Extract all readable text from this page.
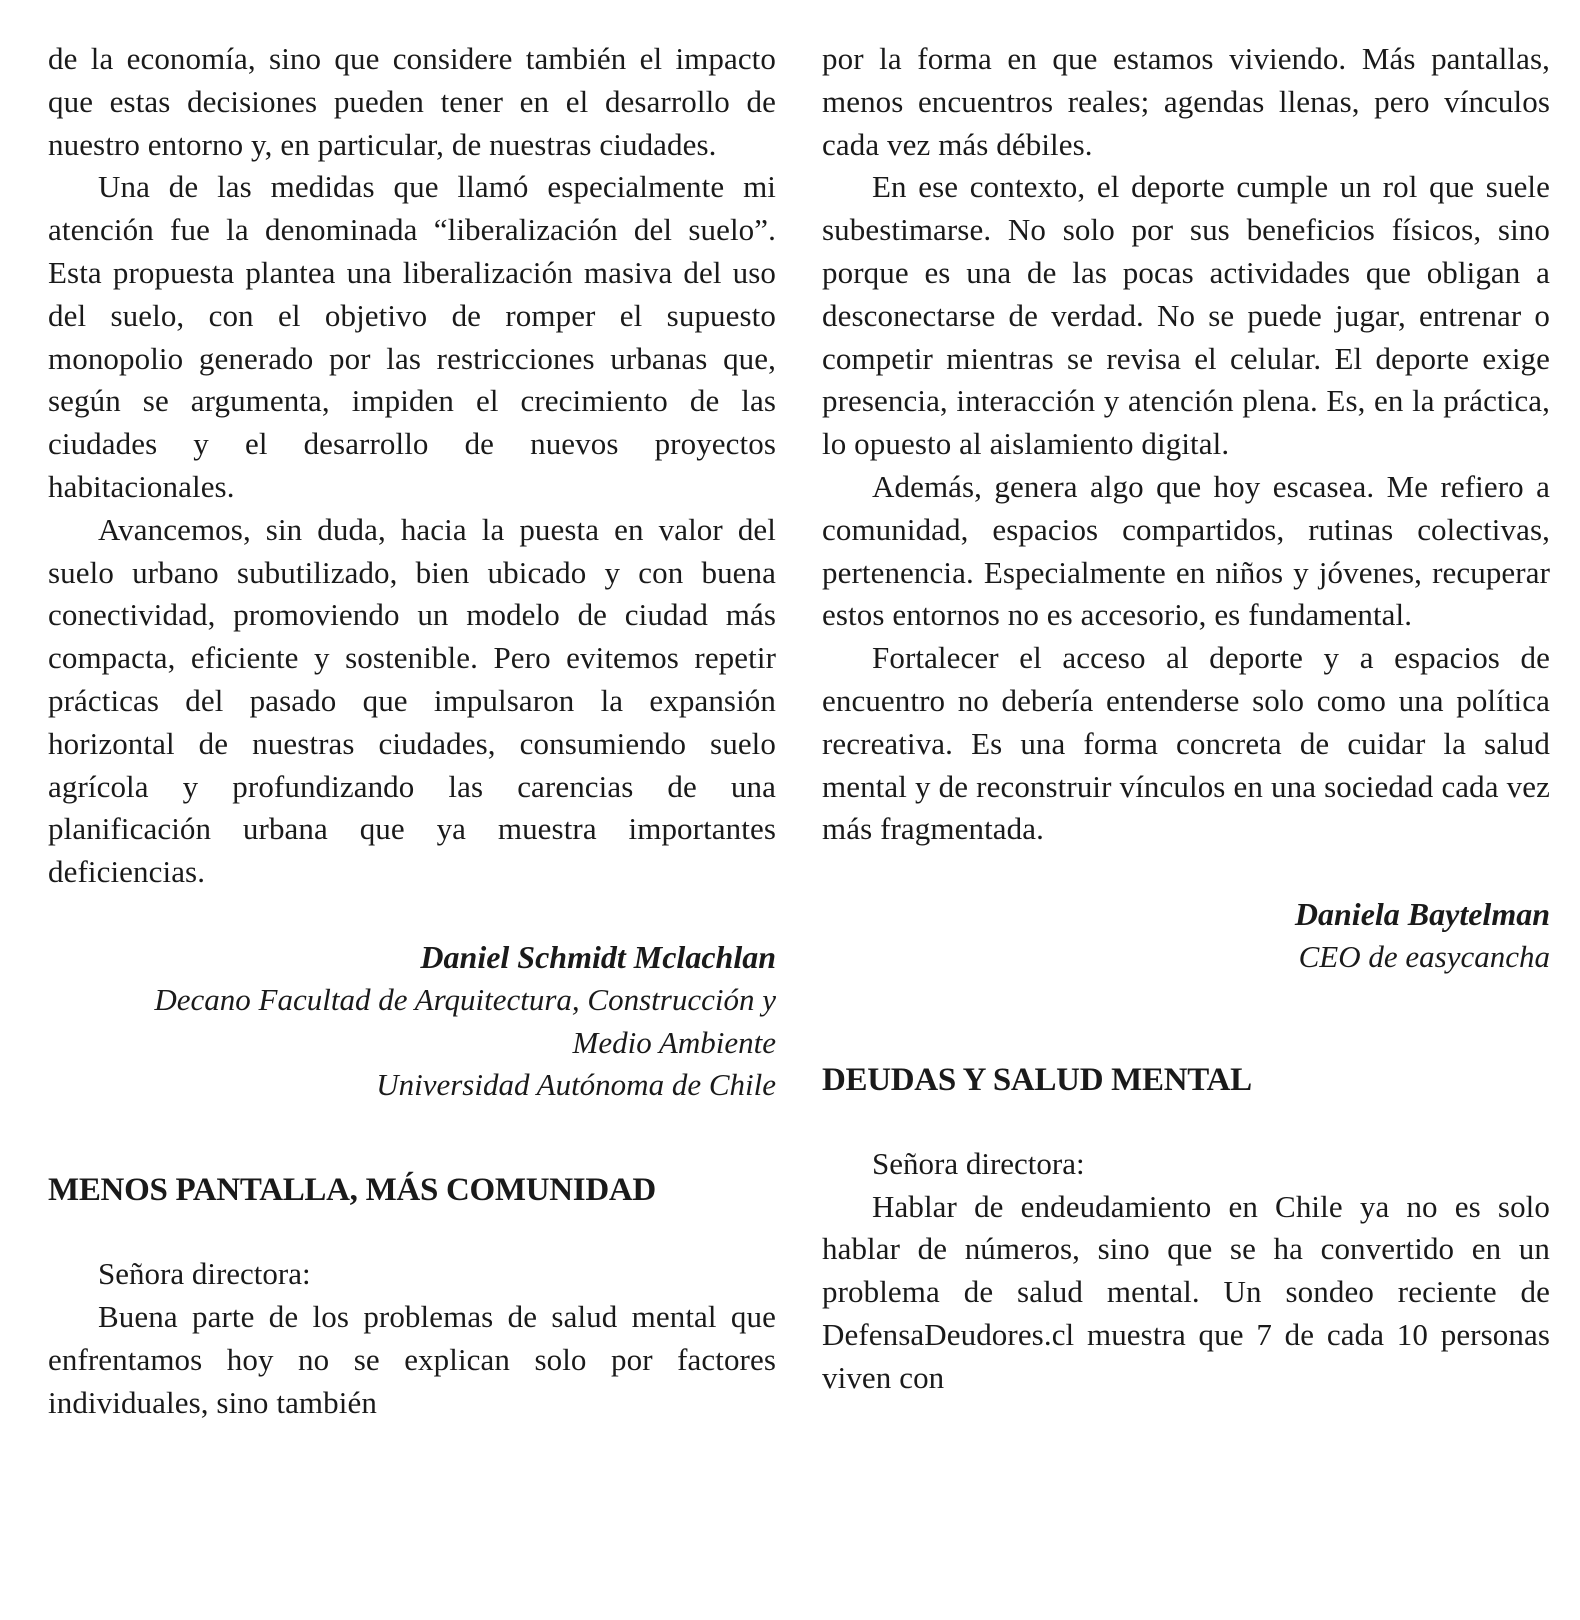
de la economía, sino que considere también el impacto que estas decisiones pueden tener en el desarrollo de nuestro entorno y, en particular, de nuestras ciudades.

Una de las medidas que llamó especialmente mi atención fue la denominada “liberalización del suelo”. Esta propuesta plantea una liberalización masiva del uso del suelo, con el objetivo de romper el supuesto monopolio generado por las restricciones urbanas que, según se argumenta, impiden el crecimiento de las ciudades y el desarrollo de nuevos proyectos habitacionales.

Avancemos, sin duda, hacia la puesta en valor del suelo urbano subutilizado, bien ubicado y con buena conectividad, promoviendo un modelo de ciudad más compacta, eficiente y sostenible. Pero evitemos repetir prácticas del pasado que impulsaron la expansión horizontal de nuestras ciudades, consumiendo suelo agrícola y profundizando las carencias de una planificación urbana que ya muestra importantes deficiencias.

Daniel Schmidt Mclachlan

Decano Facultad de Arquitectura, Construcción y Medio Ambiente

Universidad Autónoma de Chile

MENOS PANTALLA, MÁS COMUNIDAD

Señora directora:

Buena parte de los problemas de salud mental que enfrentamos hoy no se explican solo por factores individuales, sino también

por la forma en que estamos viviendo. Más pantallas, menos encuentros reales; agendas llenas, pero vínculos cada vez más débiles.

En ese contexto, el deporte cumple un rol que suele subestimarse. No solo por sus beneficios físicos, sino porque es una de las pocas actividades que obligan a desconectarse de verdad. No se puede jugar, entrenar o competir mientras se revisa el celular. El deporte exige presencia, interacción y atención plena. Es, en la práctica, lo opuesto al aislamiento digital.

Además, genera algo que hoy escasea. Me refiero a comunidad, espacios compartidos, rutinas colectivas, pertenencia. Especialmente en niños y jóvenes, recuperar estos entornos no es accesorio, es fundamental.

Fortalecer el acceso al deporte y a espacios de encuentro no debería entenderse solo como una política recreativa. Es una forma concreta de cuidar la salud mental y de reconstruir vínculos en una sociedad cada vez más fragmentada.

Daniela Baytelman

CEO de easycancha

DEUDAS Y SALUD MENTAL

Señora directora:

Hablar de endeudamiento en Chile ya no es solo hablar de números, sino que se ha convertido en un problema de salud mental. Un sondeo reciente de DefensaDeudores.cl muestra que 7 de cada 10 personas viven con
